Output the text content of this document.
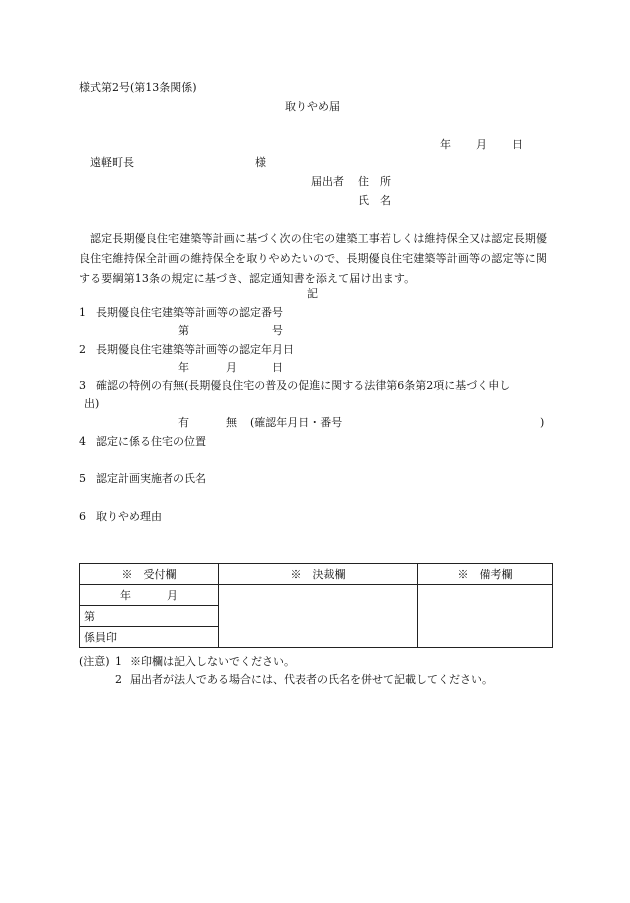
様式第2号(第13条関係)
取りやめ届
年 月 日
遠軽町長	様
届出者 住　所
氏　名
認定長期優良住宅建築等計画に基づく次の住宅の建築工事若しくは維持保全又は認定長期優良住宅維持保全計画の維持保全を取りやめたいので、長期優良住宅建築等計画等の認定等に関する要綱第13条の規定に基づき、認定通知書を添えて届け出ます。
記
1 長期優良住宅建築等計画等の認定番号
第	号
2 長期優良住宅建築等計画等の認定年月日
年	月	日
3 確認の特例の有無(長期優良住宅の普及の促進に関する法律第6条第2項に基づく申し
出)
有	無 (確認年月日・番号	)
4 認定に係る住宅の位置
5 認定計画実施者の氏名
6 取りやめ理由
※　受付欄	※　決裁欄	※　備考欄
年 月		
第		
係員印		
(注意) 1 ※印欄は記入しないでください。
2 届出者が法人である場合には、代表者の氏名を併せて記載してください。
